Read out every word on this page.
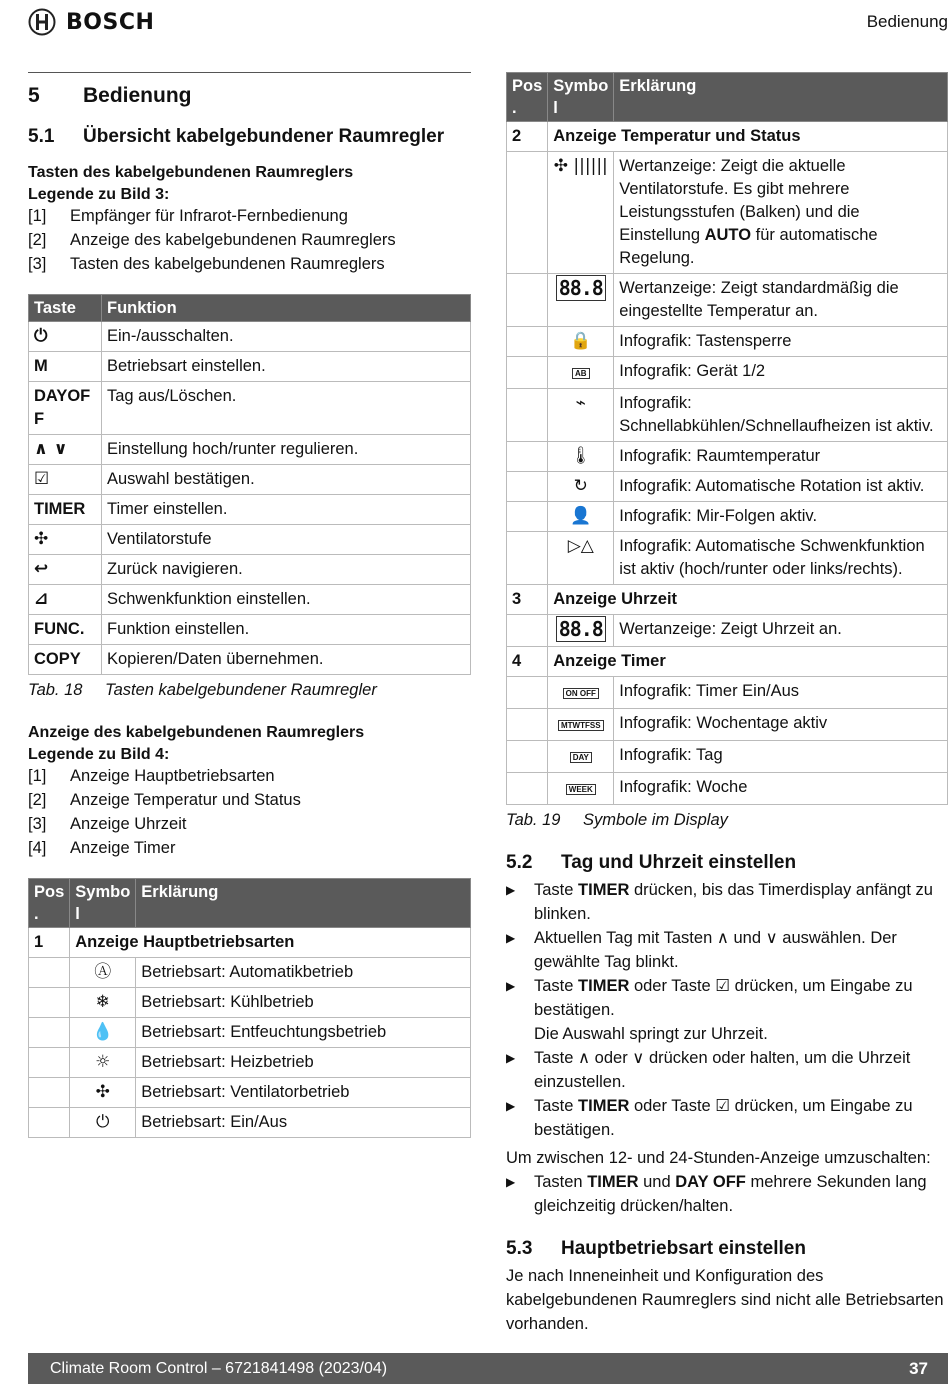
BOSCH	Bedienung
5	Bedienung
5.1	Übersicht kabelgebundener Raumregler
Tasten des kabelgebundenen Raumreglers
Legende zu Bild 3:
[1]	Empfänger für Infrarot-Fernbedienung
[2]	Anzeige des kabelgebundenen Raumreglers
[3]	Tasten des kabelgebundenen Raumreglers
Taste	Funktion
⏻	Ein-/ausschalten.
M	Betriebsart einstellen.
DAYOF F	Tag aus/Löschen.
∧ ∨	Einstellung hoch/runter regulieren.
☑	Auswahl bestätigen.
TIMER	Timer einstellen.
✣	Ventilatorstufe
↩	Zurück navigieren.
⊿	Schwenkfunktion einstellen.
FUNC.	Funktion einstellen.
COPY	Kopieren/Daten übernehmen.
Tab. 18	Tasten kabelgebundener Raumregler
Anzeige des kabelgebundenen Raumreglers
Legende zu Bild 4:
[1]	Anzeige Hauptbetriebsarten
[2]	Anzeige Temperatur und Status
[3]	Anzeige Uhrzeit
[4]	Anzeige Timer
Pos .	Symbo l	Erklärung
1	Anzeige Hauptbetriebsarten	
	Ⓐ	Betriebsart: Automatikbetrieb
	❄	Betriebsart: Kühlbetrieb
	💧	Betriebsart: Entfeuchtungsbetrieb
	☼	Betriebsart: Heizbetrieb
	✣	Betriebsart: Ventilatorbetrieb
	⏻	Betriebsart: Ein/Aus
Pos .	Symbo l	Erklärung
2	Anzeige Temperatur und Status	
	✣ ||||||	Wertanzeige: Zeigt die aktuelle Ventilatorstufe. Es gibt mehrere Leistungsstufen (Balken) und die Einstellung AUTO für automatische Regelung.
	88.8	Wertanzeige: Zeigt standardmäßig die eingestellte Temperatur an.
	🔒	Infografik: Tastensperre
	AB	Infografik: Gerät 1/2
	⌁	Infografik: Schnellabkühlen/Schnellaufheizen ist aktiv.
	🌡	Infografik: Raumtemperatur
	↻	Infografik: Automatische Rotation ist aktiv.
	👤	Infografik: Mir-Folgen aktiv.
	▷△	Infografik: Automatische Schwenkfunktion ist aktiv (hoch/runter oder links/rechts).
3	Anzeige Uhrzeit	
	88.8	Wertanzeige: Zeigt Uhrzeit an.
4	Anzeige Timer	
	ON OFF	Infografik: Timer Ein/Aus
	MTWTFSS	Infografik: Wochentage aktiv
	DAY	Infografik: Tag
	WEEK	Infografik: Woche
Tab. 19	Symbole im Display
5.2	Tag und Uhrzeit einstellen
▶	Taste TIMER drücken, bis das Timerdisplay anfängt zu blinken.
▶	Aktuellen Tag mit Tasten ∧ und ∨ auswählen. Der gewählte Tag blinkt.
▶	Taste TIMER oder Taste ☑ drücken, um Eingabe zu bestätigen.
Die Auswahl springt zur Uhrzeit.
▶	Taste ∧ oder ∨ drücken oder halten, um die Uhrzeit einzustellen.
▶	Taste TIMER oder Taste ☑ drücken, um Eingabe zu bestätigen.
Um zwischen 12- und 24-Stunden-Anzeige umzuschalten:
▶	Tasten TIMER und DAY OFF mehrere Sekunden lang gleichzeitig drücken/halten.
5.3	Hauptbetriebsart einstellen
Je nach Inneneinheit und Konfiguration des kabelgebundenen Raumreglers sind nicht alle Betriebsarten vorhanden.
Climate Room Control – 6721841498 (2023/04)	37
